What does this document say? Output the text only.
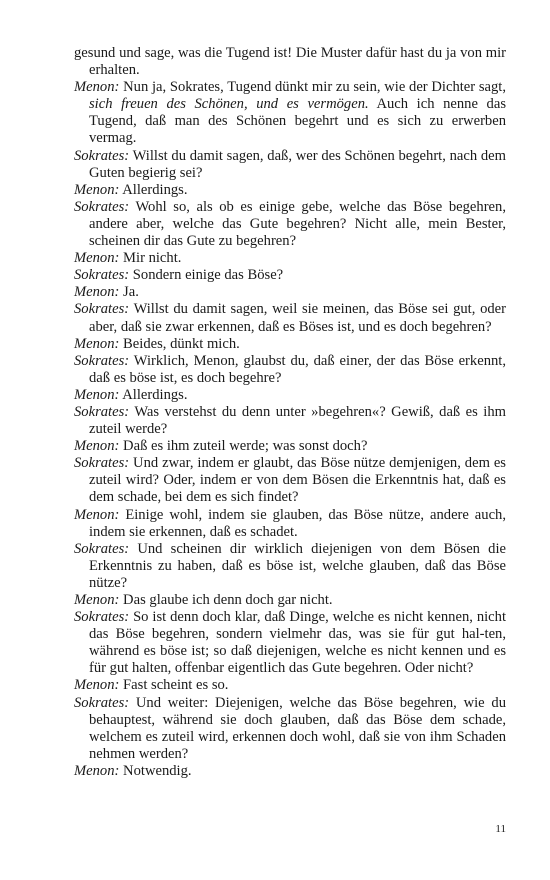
gesund und sage, was die Tugend ist! Die Muster dafür hast du ja von mir erhalten.

Menon: Nun ja, Sokrates, Tugend dünkt mir zu sein, wie der Dichter sagt, sich freuen des Schönen, und es vermögen. Auch ich nenne das Tugend, daß man des Schönen begehrt und es sich zu erwerben vermag.

Sokrates: Willst du damit sagen, daß, wer des Schönen begehrt, nach dem Guten begierig sei?

Menon: Allerdings.

Sokrates: Wohl so, als ob es einige gebe, welche das Böse begehren, andere aber, welche das Gute begehren? Nicht alle, mein Bester, scheinen dir das Gute zu begehren?

Menon: Mir nicht.

Sokrates: Sondern einige das Böse?

Menon: Ja.

Sokrates: Willst du damit sagen, weil sie meinen, das Böse sei gut, oder aber, daß sie zwar erkennen, daß es Böses ist, und es doch begehren?

Menon: Beides, dünkt mich.

Sokrates: Wirklich, Menon, glaubst du, daß einer, der das Böse erkennt, daß es böse ist, es doch begehre?

Menon: Allerdings.

Sokrates: Was verstehst du denn unter »begehren«? Gewiß, daß es ihm zuteil werde?

Menon: Daß es ihm zuteil werde; was sonst doch?

Sokrates: Und zwar, indem er glaubt, das Böse nütze demjenigen, dem es zuteil wird? Oder, indem er von dem Bösen die Erkenntnis hat, daß es dem schade, bei dem es sich findet?

Menon: Einige wohl, indem sie glauben, das Böse nütze, andere auch, indem sie erkennen, daß es schadet.

Sokrates: Und scheinen dir wirklich diejenigen von dem Bösen die Erkenntnis zu haben, daß es böse ist, welche glauben, daß das Böse nütze?

Menon: Das glaube ich denn doch gar nicht.

Sokrates: So ist denn doch klar, daß Dinge, welche es nicht kennen, nicht das Böse begehren, sondern vielmehr das, was sie für gut hal-ten, während es böse ist; so daß diejenigen, welche es nicht kennen und es für gut halten, offenbar eigentlich das Gute begehren. Oder nicht?

Menon: Fast scheint es so.

Sokrates: Und weiter: Diejenigen, welche das Böse begehren, wie du behauptest, während sie doch glauben, daß das Böse dem schade, welchem es zuteil wird, erkennen doch wohl, daß sie von ihm Schaden nehmen werden?

Menon: Notwendig.

11
